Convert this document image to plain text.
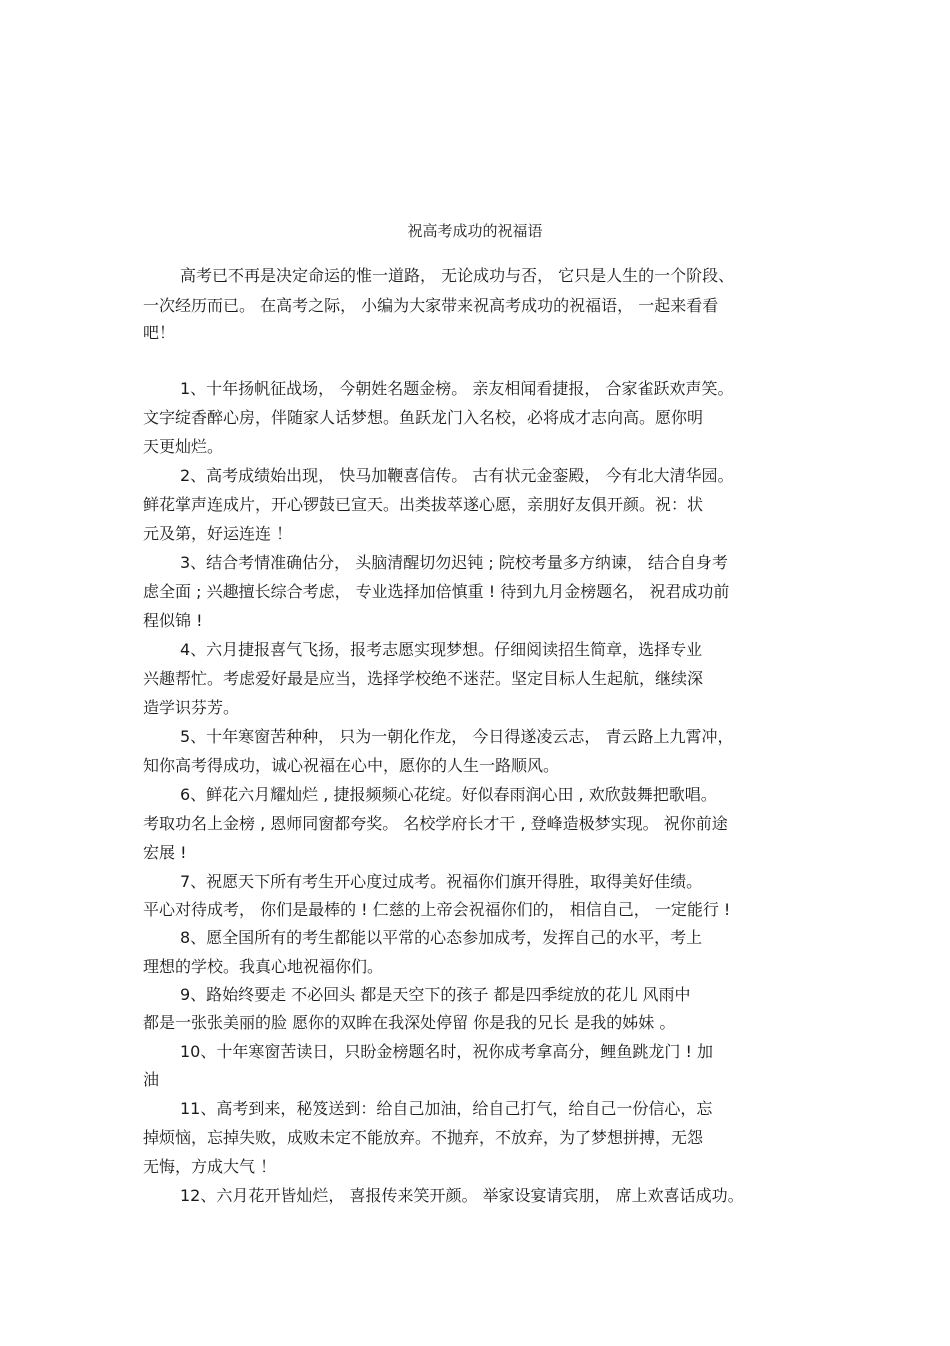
祝高考成功的祝福语

高考已不再是决定命运的惟一道路， 无论成功与否， 它只是人生的一个阶段、

一次经历而已。 在高考之际， 小编为大家带来祝高考成功的祝福语， 一起来看看

吧！

1、十年扬帆征战场， 今朝姓名题金榜。 亲友相闻看捷报， 合家雀跃欢声笑。

文字绽香醉心房，伴随家人话梦想。鱼跃龙门入名校，必将成才志向高。愿你明

天更灿烂。

2、高考成绩始出现， 快马加鞭喜信传。 古有状元金銮殿， 今有北大清华园。

鲜花掌声连成片，开心锣鼓已宣天。出类拔萃遂心愿，亲朋好友俱开颜。祝：状

元及第，好运连连 ！

3、结合考情准确估分， 头脑清醒切勿迟钝 ; 院校考量多方纳谏， 结合自身考

虑全面 ; 兴趣擅长综合考虑， 专业选择加倍慎重 ! 待到九月金榜题名， 祝君成功前

程似锦 !

4、六月捷报喜气飞扬，报考志愿实现梦想。仔细阅读招生简章，选择专业

兴趣帮忙。考虑爱好最是应当，选择学校绝不迷茫。坚定目标人生起航，继续深

造学识芬芳。

5、十年寒窗苦种种， 只为一朝化作龙， 今日得遂凌云志， 青云路上九霄冲，

知你高考得成功，诚心祝福在心中，愿你的人生一路顺风。

6、鲜花六月耀灿烂 , 捷报频频心花绽。好似春雨润心田 , 欢欣鼓舞把歌唱。

考取功名上金榜 , 恩师同窗都夸奖。 名校学府长才干 , 登峰造极梦实现。 祝你前途

宏展 !

7、祝愿天下所有考生开心度过成考。祝福你们旗开得胜，取得美好佳绩。

平心对待成考， 你们是最棒的 ! 仁慈的上帝会祝福你们的， 相信自己， 一定能行 !

8、愿全国所有的考生都能以平常的心态参加成考，发挥自己的水平，考上

理想的学校。我真心地祝福你们。

9、路始终要走 不必回头 都是天空下的孩子 都是四季绽放的花儿 风雨中

都是一张张美丽的脸 愿你的双眸在我深处停留 你是我的兄长 是我的姊妹 。

10、十年寒窗苦读日，只盼金榜题名时，祝你成考拿高分，鲤鱼跳龙门 ! 加

油

11、高考到来，秘笈送到：给自己加油，给自己打气，给自己一份信心，忘

掉烦恼，忘掉失败，成败未定不能放弃。不抛弃，不放弃，为了梦想拼搏，无怨

无悔，方成大气 ！

12、六月花开皆灿烂， 喜报传来笑开颜。 举家设宴请宾朋， 席上欢喜话成功。
